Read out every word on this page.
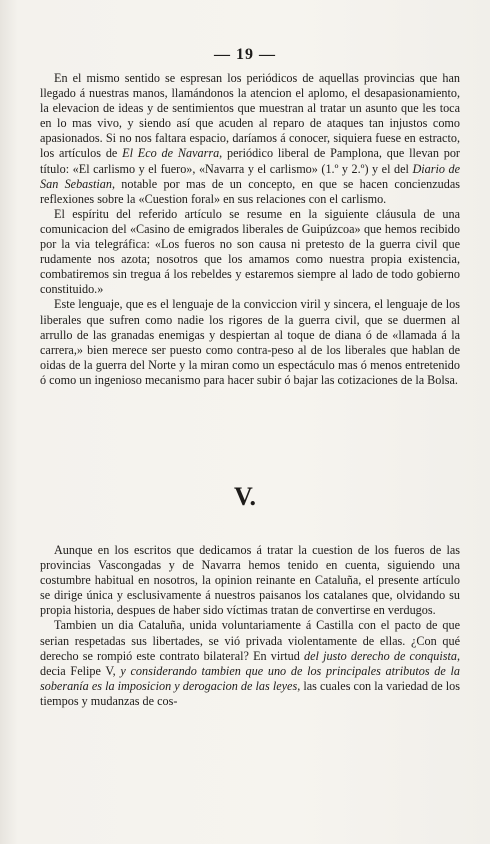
— 19 —

En el mismo sentido se espresan los periódicos de aquellas provincias que han llegado á nuestras manos, llamándonos la atencion el aplomo, el desapasionamiento, la elevacion de ideas y de sentimientos que muestran al tratar un asunto que les toca en lo mas vivo, y siendo así que acuden al reparo de ataques tan injustos como apasionados. Si no nos faltara espacio, daríamos á conocer, siquiera fuese en estracto, los artículos de El Eco de Navarra, periódico liberal de Pamplona, que llevan por título: «El carlismo y el fuero», «Navarra y el carlismo» (1.º y 2.º) y el del Diario de San Sebastian, notable por mas de un concepto, en que se hacen concienzudas reflexiones sobre la «Cuestion foral» en sus relaciones con el carlismo.

El espíritu del referido artículo se resume en la siguiente cláusula de una comunicacion del «Casino de emigrados liberales de Guipúzcoa» que hemos recibido por la via telegráfica: «Los fueros no son causa ni pretesto de la guerra civil que rudamente nos azota; nosotros que los amamos como nuestra propia existencia, combatiremos sin tregua á los rebeldes y estaremos siempre al lado de todo gobierno constituido.»

Este lenguaje, que es el lenguaje de la conviccion viril y sincera, el lenguaje de los liberales que sufren como nadie los rigores de la guerra civil, que se duermen al arrullo de las granadas enemigas y despiertan al toque de diana ó de «llamada á la carrera,» bien merece ser puesto como contra-peso al de los liberales que hablan de oidas de la guerra del Norte y la miran como un espectáculo mas ó menos entretenido ó como un ingenioso mecanismo para hacer subir ó bajar las cotizaciones de la Bolsa.

V.

Aunque en los escritos que dedicamos á tratar la cuestion de los fueros de las provincias Vascongadas y de Navarra hemos tenido en cuenta, siguiendo una costumbre habitual en nosotros, la opinion reinante en Cataluña, el presente artículo se dirige única y esclusivamente á nuestros paisanos los catalanes que, olvidando su propia historia, despues de haber sido víctimas tratan de convertirse en verdugos.

Tambien un dia Cataluña, unida voluntariamente á Castilla con el pacto de que serian respetadas sus libertades, se vió privada violentamente de ellas. ¿Con qué derecho se rompió este contrato bilateral? En virtud del justo derecho de conquista, decia Felipe V, y considerando tambien que uno de los principales atributos de la soberanía es la imposicion y derogacion de las leyes, las cuales con la variedad de los tiempos y mudanzas de cos-
